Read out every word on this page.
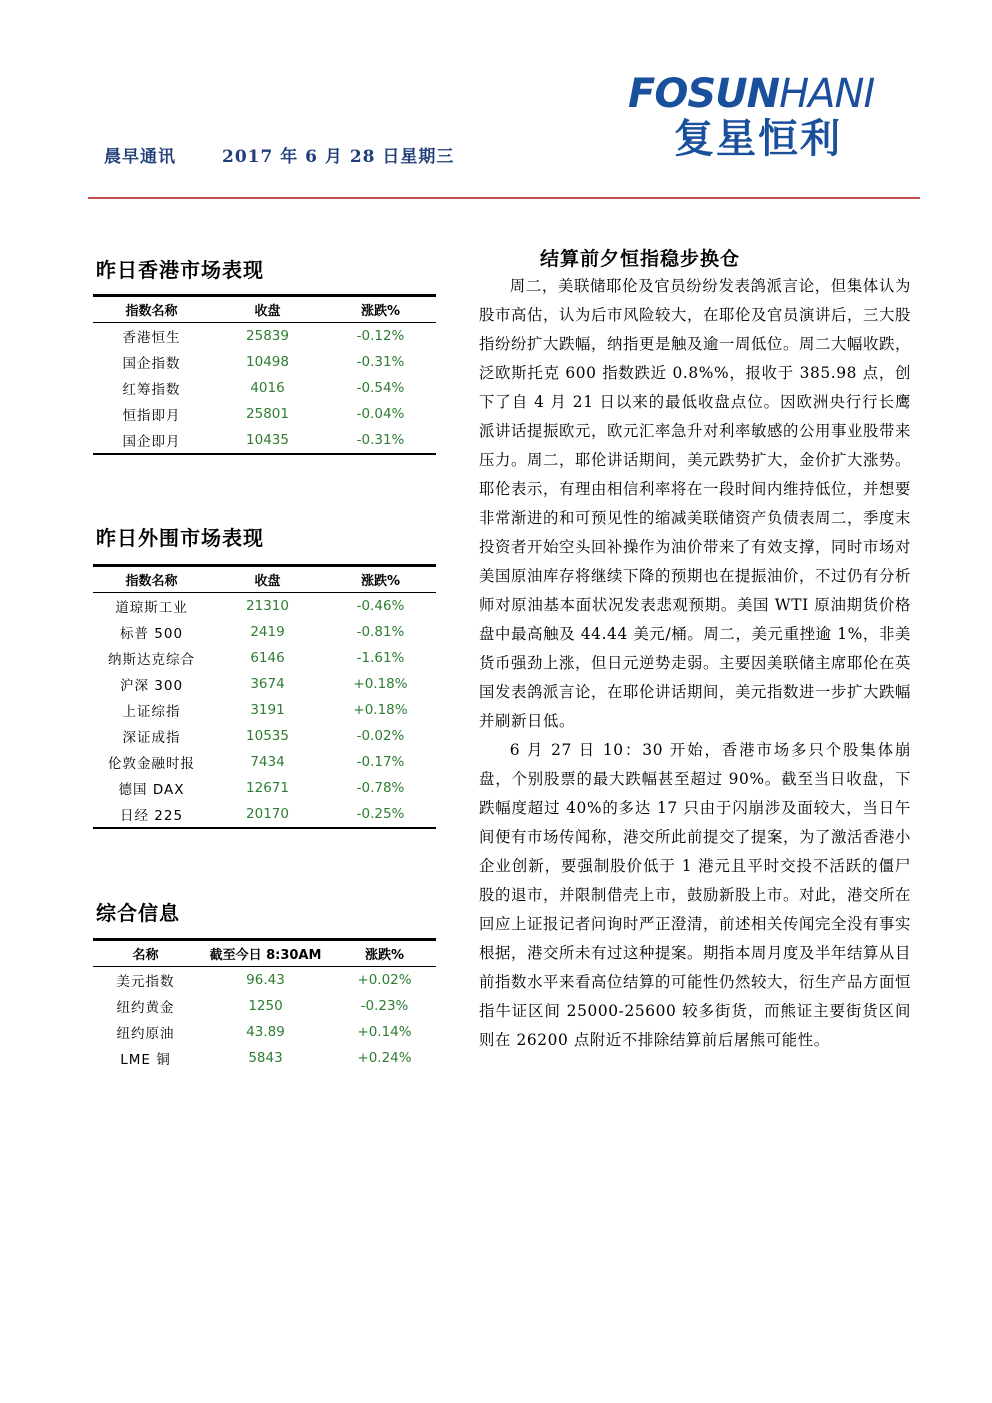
晨早通讯	2017 年 6 月 28 日星期三
FOSUNHANI
复星恒利
昨日香港市场表现
指数名称	收盘	涨跌%
香港恒生	25839	-0.12%
国企指数	10498	-0.31%
红筹指数	4016	-0.54%
恒指即月	25801	-0.04%
国企即月	10435	-0.31%
昨日外围市场表现
指数名称	收盘	涨跌%
道琼斯工业	21310	-0.46%
标普 500	2419	-0.81%
纳斯达克综合	6146	-1.61%
沪深 300	3674	+0.18%
上证综指	3191	+0.18%
深证成指	10535	-0.02%
伦敦金融时报	7434	-0.17%
德国 DAX	12671	-0.78%
日经 225	20170	-0.25%
综合信息
名称	截至今日 8:30AM	涨跌%
美元指数	96.43	+0.02%
纽约黄金	1250	-0.23%
纽约原油	43.89	+0.14%
LME 铜	5843	+0.24%
结算前夕恒指稳步换仓

周二，美联储耶伦及官员纷纷发表鸽派言论，但集体认为股市高估，认为后市风险较大，在耶伦及官员演讲后，三大股指纷纷扩大跌幅，纳指更是触及逾一周低位。周二大幅收跌，泛欧斯托克 600 指数跌近 0.8%%，报收于 385.98 点，创下了自 4 月 21 日以来的最低收盘点位。因欧洲央行行长鹰派讲话提振欧元，欧元汇率急升对利率敏感的公用事业股带来压力。周二，耶伦讲话期间，美元跌势扩大，金价扩大涨势。耶伦表示，有理由相信利率将在一段时间内维持低位，并想要非常渐进的和可预见性的缩减美联储资产负债表周二，季度末投资者开始空头回补操作为油价带来了有效支撑，同时市场对美国原油库存将继续下降的预期也在提振油价，不过仍有分析师对原油基本面状况发表悲观预期。美国 WTI 原油期货价格盘中最高触及 44.44 美元/桶。周二，美元重挫逾 1%，非美货币强劲上涨，但日元逆势走弱。主要因美联储主席耶伦在英国发表鸽派言论，在耶伦讲话期间，美元指数进一步扩大跌幅并刷新日低。

6 月 27 日 10：30 开始，香港市场多只个股集体崩盘，个别股票的最大跌幅甚至超过 90%。截至当日收盘，下跌幅度超过 40%的多达 17 只由于闪崩涉及面较大，当日午间便有市场传闻称，港交所此前提交了提案，为了激活香港小企业创新，要强制股价低于 1 港元且平时交投不活跃的僵尸股的退市，并限制借壳上市，鼓励新股上市。对此，港交所在回应上证报记者问询时严正澄清，前述相关传闻完全没有事实根据，港交所未有过这种提案。期指本周月度及半年结算从目前指数水平来看高位结算的可能性仍然较大，衍生产品方面恒指牛证区间 25000-25600 较多街货，而熊证主要街货区间则在 26200 点附近不排除结算前后屠熊可能性。
